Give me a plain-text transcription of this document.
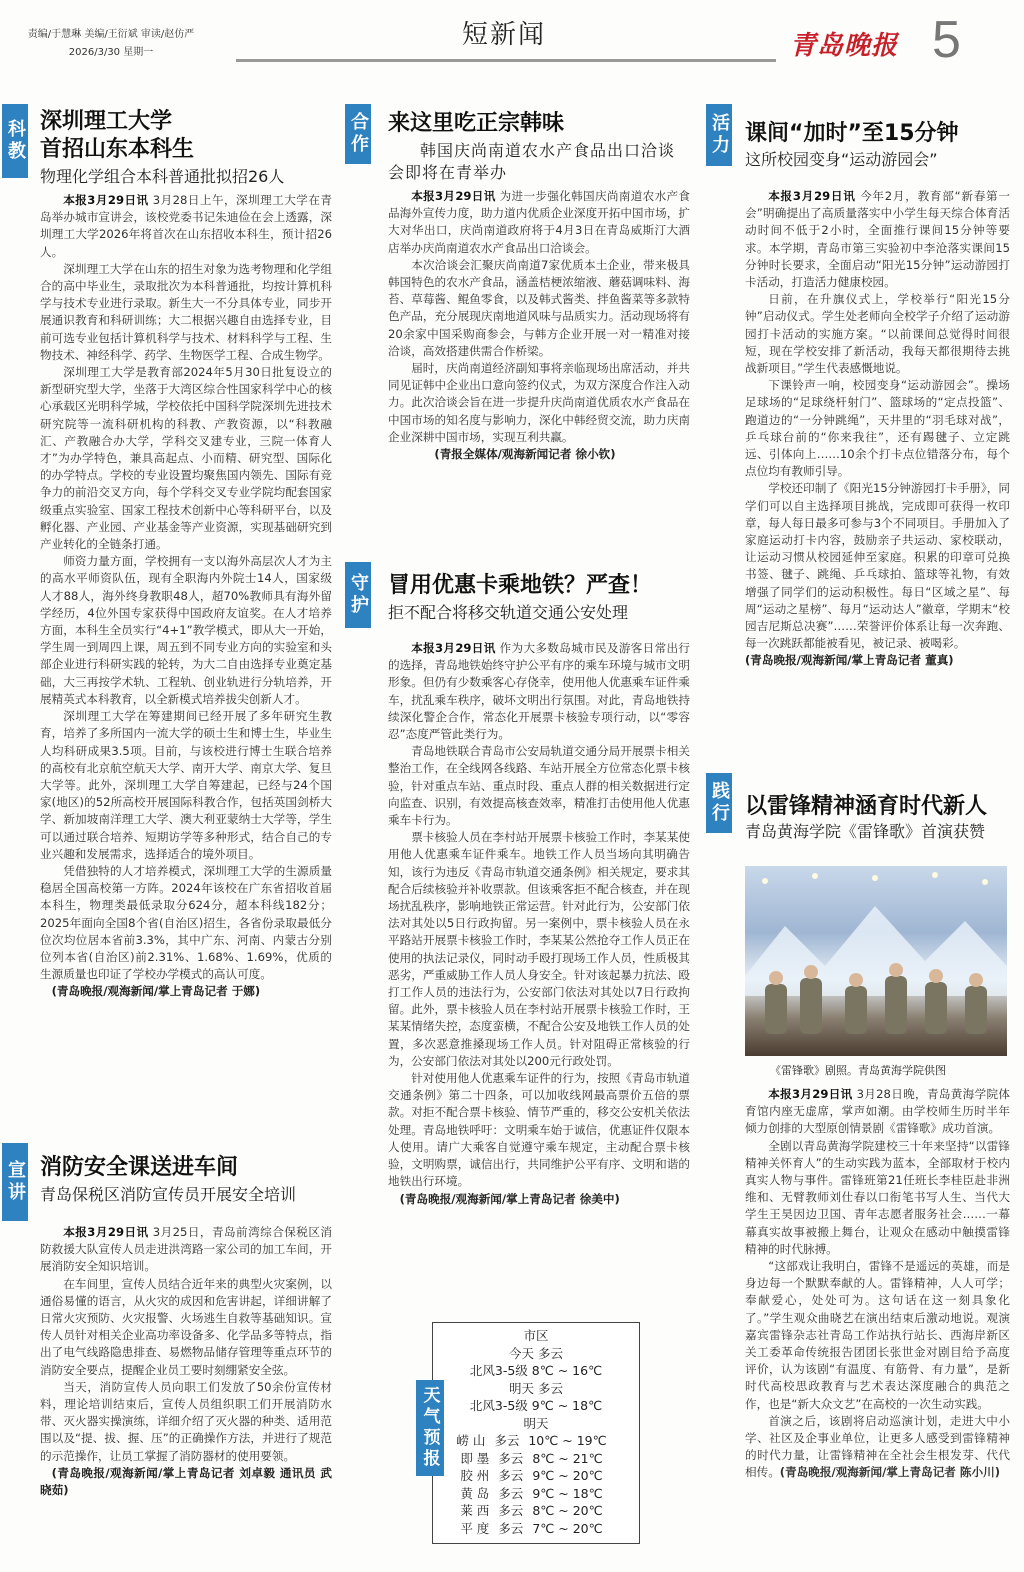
责编/于慧琳 美编/王衍斌 审读/赵仿严
2026/3/30 星期一
短新闻	青岛晚报 5
科教 深圳理工大学
首招山东本科生
物理化学组合本科普通批拟招26人

本报3月29日讯 3月28日上午，深圳理工大学在青岛举办城市宣讲会，该校党委书记朱迪俭在会上透露，深圳理工大学2026年将首次在山东招收本科生，预计招26人。

深圳理工大学在山东的招生对象为选考物理和化学组合的高中毕业生，录取批次为本科普通批，均按计算机科学与技术专业进行录取。新生大一不分具体专业，同步开展通识教育和科研训练；大二根据兴趣自由选择专业，目前可选专业包括计算机科学与技术、材料科学与工程、生物技术、神经科学、药学、生物医学工程、合成生物学。

深圳理工大学是教育部2024年5月30日批复设立的新型研究型大学，坐落于大湾区综合性国家科学中心的核心承载区光明科学城，学校依托中国科学院深圳先进技术研究院等一流科研机构的科教、产教资源，以“科教融汇、产教融合办大学，学科交叉建专业，三院一体育人才”为办学特色，兼具高起点、小而精、研究型、国际化的办学特点。学校的专业设置均聚焦国内领先、国际有竞争力的前沿交叉方向，每个学科交叉专业学院均配套国家级重点实验室、国家工程技术创新中心等科研平台，以及孵化器、产业园、产业基金等产业资源，实现基础研究到产业转化的全链条打通。

师资力量方面，学校拥有一支以海外高层次人才为主的高水平师资队伍，现有全职海内外院士14人，国家级人才88人，海外终身教职48人，超70%教师具有海外留学经历，4位外国专家获得中国政府友谊奖。在人才培养方面，本科生全员实行“4+1”教学模式，即从大一开始，学生周一到周四上课，周五到不同专业方向的实验室和头部企业进行科研实践的轮转，为大二自由选择专业奠定基础，大三再按学术轨、工程轨、创业轨进行分轨培养，开展精英式本科教育，以全新模式培养拔尖创新人才。

深圳理工大学在筹建期间已经开展了多年研究生教育，培养了多所国内一流大学的硕士生和博士生，毕业生人均科研成果3.5项。目前，与该校进行博士生联合培养的高校有北京航空航天大学、南开大学、南京大学、复旦大学等。此外，深圳理工大学自筹建起，已经与24个国家(地区)的52所高校开展国际科教合作，包括英国剑桥大学、新加坡南洋理工大学、澳大利亚蒙纳士大学等，学生可以通过联合培养、短期访学等多种形式，结合自己的专业兴趣和发展需求，选择适合的境外项目。

凭借独特的人才培养模式，深圳理工大学的生源质量稳居全国高校第一方阵。2024年该校在广东省招收首届本科生，物理类最低录取分624分，超本科线182分；2025年面向全国8个省(自治区)招生，各省份录取最低分位次均位居本省前3.3%，其中广东、河南、内蒙古分别位列本省(自治区)前2.31%、1.68%、1.69%，优质的生源质量也印证了学校办学模式的高认可度。

(青岛晚报/观海新闻/掌上青岛记者 于娜)

宣讲 消防安全课送进车间
青岛保税区消防宣传员开展安全培训

本报3月29日讯 3月25日，青岛前湾综合保税区消防救援大队宣传人员走进洪湾路一家公司的加工车间，开展消防安全知识培训。

在车间里，宣传人员结合近年来的典型火灾案例，以通俗易懂的语言，从火灾的成因和危害讲起，详细讲解了日常火灾预防、火灾报警、火场逃生自救等基础知识。宣传人员针对相关企业高功率设备多、化学品多等特点，指出了电气线路隐患排查、易燃物品储存管理等重点环节的消防安全要点，提醒企业员工要时刻绷紧安全弦。

当天，消防宣传人员向职工们发放了50余份宣传材料，理论培训结束后，宣传人员组织职工们开展消防水带、灭火器实操演练，详细介绍了灭火器的种类、适用范围以及“提、拔、握、压”的正确操作方法，并进行了规范的示范操作，让员工掌握了消防器材的使用要领。

(青岛晚报/观海新闻/掌上青岛记者 刘卓毅 通讯员 武晓茹)

合作 来这里吃正宗韩味
韩国庆尚南道农水产食品出口洽谈会即将在青举办

本报3月29日讯 为进一步强化韩国庆尚南道农水产食品海外宣传力度，助力道内优质企业深度开拓中国市场，扩大对华出口，庆尚南道政府将于4月3日在青岛威斯汀大酒店举办庆尚南道农水产食品出口洽谈会。

本次洽谈会汇聚庆尚南道7家优质本土企业，带来极具韩国特色的农水产食品，涵盖桔梗浓缩液、蘑菇调味料、海苔、草莓酱、鲲鱼零食，以及韩式酱类、拌鱼酱菜等多款特色产品，充分展现庆南地道风味与品质实力。活动现场将有20余家中国采购商参会，与韩方企业开展一对一精准对接洽谈，高效搭建供需合作桥梁。

届时，庆尚南道经济副知事将亲临现场出席活动，并共同见证韩中企业出口意向签约仪式，为双方深度合作注入动力。此次洽谈会旨在进一步提升庆尚南道优质农水产食品在中国市场的知名度与影响力，深化中韩经贸交流，助力庆南企业深耕中国市场，实现互利共赢。

(青报全媒体/观海新闻记者 徐小钦)

守护 冒用优惠卡乘地铁？严查！
拒不配合将移交轨道交通公安处理

本报3月29日讯 作为大多数岛城市民及游客日常出行的选择，青岛地铁始终守护公平有序的乘车环境与城市文明形象。但仍有少数乘客心存侥幸，使用他人优惠乘车证件乘车，扰乱乘车秩序，破坏文明出行氛围。对此，青岛地铁持续深化警企合作，常态化开展票卡核验专项行动，以“零容忍”态度严管此类行为。

青岛地铁联合青岛市公安局轨道交通分局开展票卡相关整治工作，在全线网各线路、车站开展全方位常态化票卡核验，针对重点车站、重点时段、重点人群的相关数据进行定向监查、识别，有效提高核查效率，精准打击使用他人优惠乘车卡行为。

票卡核验人员在李村站开展票卡核验工作时，李某某使用他人优惠乘车证件乘车。地铁工作人员当场向其明确告知，该行为违反《青岛市轨道交通条例》相关规定，要求其配合后续核验并补收票款。但该乘客拒不配合核查，并在现场扰乱秩序，影响地铁正常运营。针对此行为，公安部门依法对其处以5日行政拘留。另一案例中，票卡核验人员在永平路站开展票卡核验工作时，李某某公然抢夺工作人员正在使用的执法记录仪，同时动手殴打现场工作人员，性质极其恶劣，严重威胁工作人员人身安全。针对该起暴力抗法、殴打工作人员的违法行为，公安部门依法对其处以7日行政拘留。此外，票卡核验人员在李村站开展票卡核验工作时，王某某情绪失控，态度蛮横，不配合公安及地铁工作人员的处置，多次恶意推搡现场工作人员。针对阻碍正常核验的行为，公安部门依法对其处以200元行政处罚。

针对使用他人优惠乘车证件的行为，按照《青岛市轨道交通条例》第二十四条，可以加收线网最高票价五倍的票款。对拒不配合票卡核验、情节严重的，移交公安机关依法处理。青岛地铁呼吁：文明乘车始于诚信，优惠证件仅限本人使用。请广大乘客自觉遵守乘车规定，主动配合票卡核验，文明购票，诚信出行，共同维护公平有序、文明和谐的地铁出行环境。

(青岛晚报/观海新闻/掌上青岛记者 徐美中)

市区
今天 多云
北风3-5级 8℃ ~ 16℃
明天 多云
北风3-5级 9℃ ~ 18℃
明天
崂 山 多云 10℃ ~ 19℃
即 墨 多云 8℃ ~ 21℃
胶 州 多云 9℃ ~ 20℃
黄 岛 多云 9℃ ~ 18℃
莱 西 多云 8℃ ~ 20℃
平 度 多云 7℃ ~ 20℃
天气预报
活力 课间“加时”至15分钟
这所校园变身“运动游园会”

本报3月29日讯 今年2月，教育部“新春第一会”明确提出了高质量落实中小学生每天综合体育活动时间不低于2小时，全面推行课间15分钟等要求。本学期，青岛市第三实验初中李沧落实课间15分钟时长要求，全面启动“阳光15分钟”运动游园打卡活动，打造活力健康校园。

日前，在升旗仪式上，学校举行“阳光15分钟”启动仪式。学生处老师向全校学子介绍了运动游园打卡活动的实施方案。“以前课间总觉得时间很短，现在学校安排了新活动，我每天都很期待去挑战新项目。”学生代表感慨地说。

下课铃声一响，校园变身“运动游园会”。操场足球场的“足球绕杆射门”、篮球场的“定点投篮”、跑道边的“一分钟跳绳”，天井里的“羽毛球对战”，乒乓球台前的“你来我往”，还有踢毽子、立定跳远、引体向上……10余个打卡点位错落分布，每个点位均有教师引导。

学校还印制了《阳光15分钟游园打卡手册》，同学们可以自主选择项目挑战，完成即可获得一枚印章，每人每日最多可参与3个不同项目。手册加入了家庭运动打卡内容，鼓励亲子共运动、家校联动，让运动习惯从校园延伸至家庭。积累的印章可兑换书签、毽子、跳绳、乒乓球拍、篮球等礼物，有效增强了同学们的运动积极性。每日“区域之星”、每周“运动之星榜”、每月“运动达人”徽章，学期末“校园吉尼斯总决赛”……荣誉评价体系让每一次奔跑、每一次跳跃都能被看见，被记录、被喝彩。

(青岛晚报/观海新闻/掌上青岛记者 董真)

践行 以雷锋精神涵育时代新人
青岛黄海学院《雷锋歌》首演获赞
《雷锋歌》剧照。青岛黄海学院供图

本报3月29日讯 3月28日晚，青岛黄海学院体育馆内座无虚席，掌声如潮。由学校师生历时半年倾力创排的大型原创情景剧《雷锋歌》成功首演。

全剧以青岛黄海学院建校三十年来坚持“以雷锋精神关怀育人”的生动实践为蓝本，全部取材于校内真实人物与事件。雷锋班第21任班长李桂臣赴非洲维和、无臂教师刘仕春以口衔笔书写人生、当代大学生王昊因边卫国、青年志愿者服务社会……一幕幕真实故事被搬上舞台，让观众在感动中触摸雷锋精神的时代脉搏。

“这部戏让我明白，雷锋不是遥远的英雄，而是身边每一个默默奉献的人。雷锋精神，人人可学；奉献爱心，处处可为。这句话在这一刻具象化了。”学生观众曲晓艺在演出结束后激动地说。观演嘉宾雷锋杂志社青岛工作站执行站长、西海岸新区关工委革命传统报告团团长张世金对剧目给予高度评价，认为该剧“有温度、有筋骨、有力量”，是新时代高校思政教育与艺术表达深度融合的典范之作，也是“新大众文艺”在高校的一次生动实践。

首演之后，该剧将启动巡演计划，走进大中小学、社区及企事业单位，让更多人感受到雷锋精神的时代力量，让雷锋精神在全社会生根发芽、代代相传。(青岛晚报/观海新闻/掌上青岛记者 陈小川)
